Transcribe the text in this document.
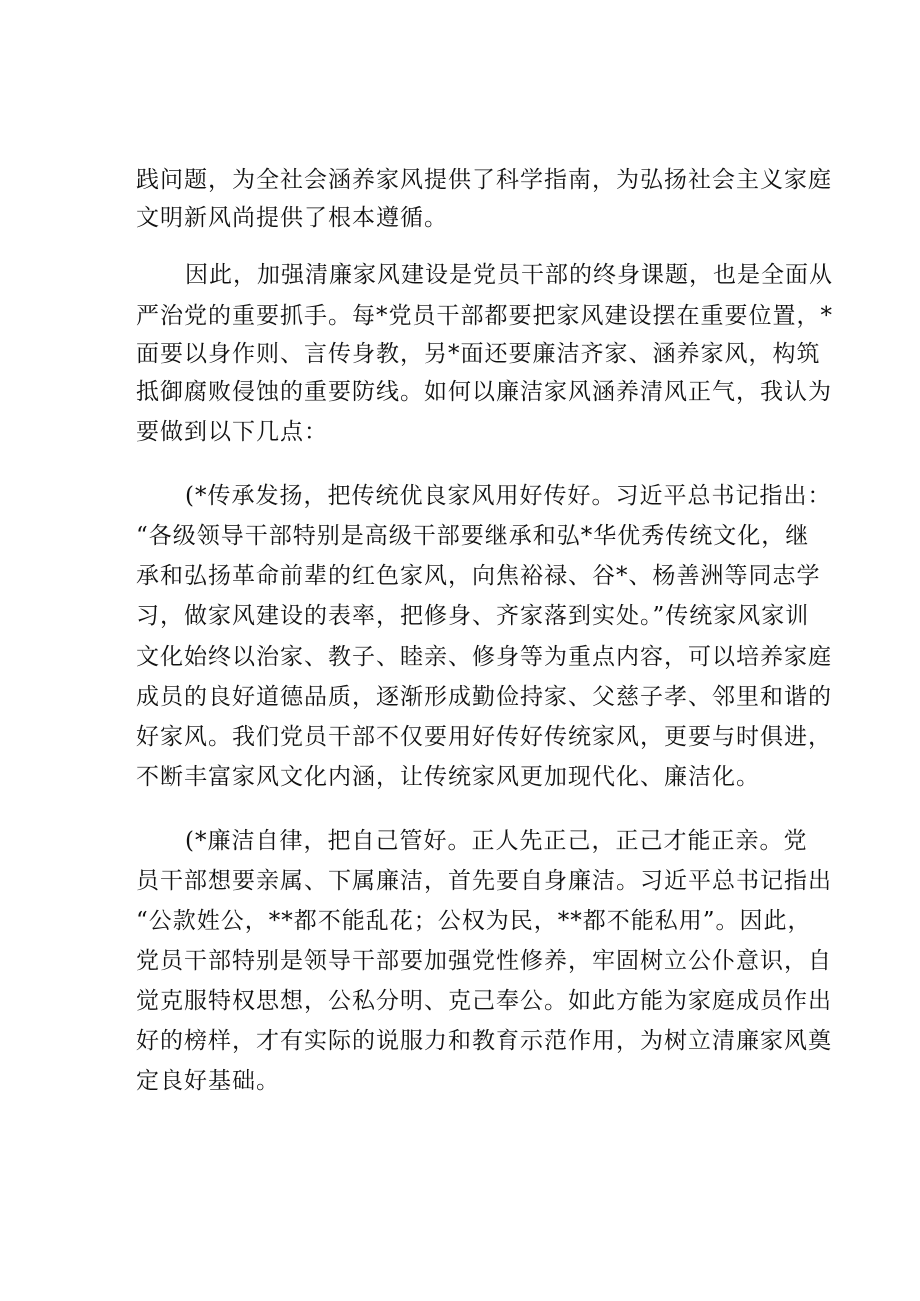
践问题，为全社会涵养家风提供了科学指南，为弘扬社会主义家庭
文明新风尚提供了根本遵循。
因此，加强清廉家风建设是党员干部的终身课题，也是全面从
严治党的重要抓手。每*党员干部都要把家风建设摆在重要位置，*
面要以身作则、言传身教，另*面还要廉洁齐家、涵养家风，构筑
抵御腐败侵蚀的重要防线。如何以廉洁家风涵养清风正气，我认为
要做到以下几点：
(*传承发扬，把传统优良家风用好传好。习近平总书记指出：
“各级领导干部特别是高级干部要继承和弘*华优秀传统文化，继
承和弘扬革命前辈的红色家风，向焦裕禄、谷*、杨善洲等同志学
习，做家风建设的表率，把修身、齐家落到实处。”传统家风家训
文化始终以治家、教子、睦亲、修身等为重点内容，可以培养家庭
成员的良好道德品质，逐渐形成勤俭持家、父慈子孝、邻里和谐的
好家风。我们党员干部不仅要用好传好传统家风，更要与时俱进，
不断丰富家风文化内涵，让传统家风更加现代化、廉洁化。
(*廉洁自律，把自己管好。正人先正己，正己才能正亲。党
员干部想要亲属、下属廉洁，首先要自身廉洁。习近平总书记指出
“公款姓公，**都不能乱花；公权为民，**都不能私用”。因此，
党员干部特别是领导干部要加强党性修养，牢固树立公仆意识，自
觉克服特权思想，公私分明、克己奉公。如此方能为家庭成员作出
好的榜样，才有实际的说服力和教育示范作用，为树立清廉家风奠
定良好基础。
